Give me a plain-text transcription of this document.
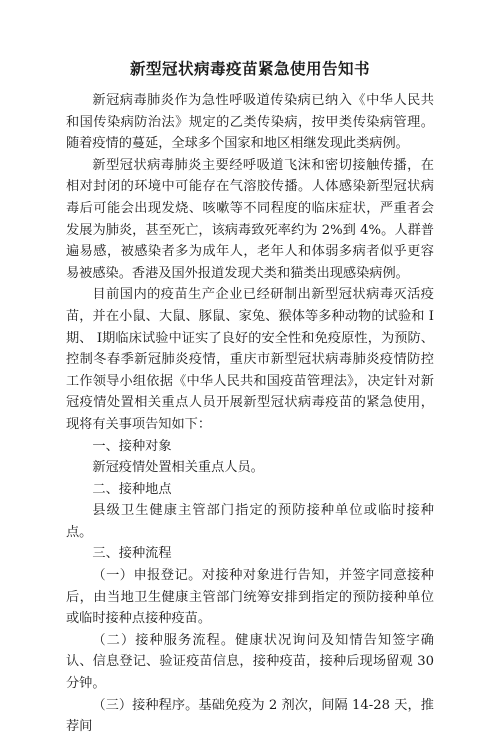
新型冠状病毒疫苗紧急使用告知书

新冠病毒肺炎作为急性呼吸道传染病已纳入《中华人民共和国传染病防治法》规定的乙类传染病，按甲类传染病管理。随着疫情的蔓延，全球多个国家和地区相继发现此类病例。

新型冠状病毒肺炎主要经呼吸道飞沫和密切接触传播，在相对封闭的环境中可能存在气溶胶传播。人体感染新型冠状病毒后可能会出现发烧、咳嗽等不同程度的临床症状，严重者会发展为肺炎，甚至死亡，该病毒致死率约为 2%到 4%。人群普遍易感，被感染者多为成年人，老年人和体弱多病者似乎更容易被感染。香港及国外报道发现犬类和猫类出现感染病例。

目前国内的疫苗生产企业已经研制出新型冠状病毒灭活疫苗，并在小鼠、大鼠、豚鼠、家兔、猴体等多种动物的试验和 I期、 Ⅰ期临床试验中证实了良好的安全性和免疫原性，为预防、控制冬春季新冠肺炎疫情，重庆市新型冠状病毒肺炎疫情防控工作领导小组依据《中华人民共和国疫苗管理法》，决定针对新冠疫情处置相关重点人员开展新型冠状病毒疫苗的紧急使用，现将有关事项告知如下：

一、接种对象

新冠疫情处置相关重点人员。

二、接种地点

县级卫生健康主管部门指定的预防接种单位或临时接种点。

三、接种流程

（一）申报登记。对接种对象进行告知，并签字同意接种后，由当地卫生健康主管部门统筹安排到指定的预防接种单位或临时接种点接种疫苗。

（二）接种服务流程。健康状况询问及知情告知签字确认、信息登记、验证疫苗信息，接种疫苗，接种后现场留观 30 分钟。

（三）接种程序。基础免疫为 2 剂次，间隔 14-28 天，推荐间
